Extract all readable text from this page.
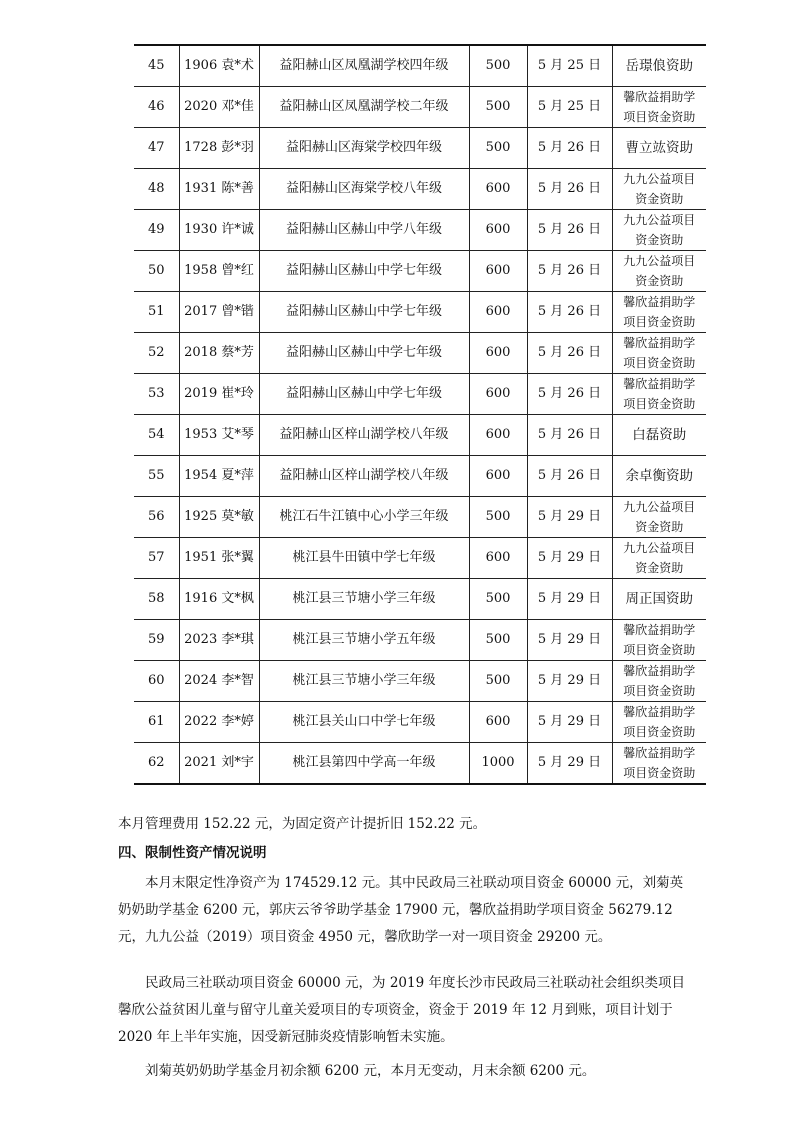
45	1906 袁*术	益阳赫山区凤凰湖学校四年级	500	5 月 25 日	岳璟俍资助

46	2020 邓*佳	益阳赫山区凤凰湖学校二年级	500	5 月 25 日	馨欣益捐助学
项目资金资助

47	1728 彭*羽	益阳赫山区海棠学校四年级	500	5 月 26 日	曹立竑资助

48	1931 陈*善	益阳赫山区海棠学校八年级	600	5 月 26 日	九九公益项目
资金资助

49	1930 许*诚	益阳赫山区赫山中学八年级	600	5 月 26 日	九九公益项目
资金资助

50	1958 曾*红	益阳赫山区赫山中学七年级	600	5 月 26 日	九九公益项目
资金资助

51	2017 曾*锴	益阳赫山区赫山中学七年级	600	5 月 26 日	馨欣益捐助学
项目资金资助

52	2018 蔡*芳	益阳赫山区赫山中学七年级	600	5 月 26 日	馨欣益捐助学
项目资金资助

53	2019 崔*玲	益阳赫山区赫山中学七年级	600	5 月 26 日	馨欣益捐助学
项目资金资助

54	1953 艾*琴	益阳赫山区梓山湖学校八年级	600	5 月 26 日	白磊资助

55	1954 夏*萍	益阳赫山区梓山湖学校八年级	600	5 月 26 日	余卓衡资助

56	1925 莫*敏	桃江石牛江镇中心小学三年级	500	5 月 29 日	九九公益项目
资金资助

57	1951 张*翼	桃江县牛田镇中学七年级	600	5 月 29 日	九九公益项目
资金资助

58	1916 文*枫	桃江县三节塘小学三年级	500	5 月 29 日	周正国资助

59	2023 李*琪	桃江县三节塘小学五年级	500	5 月 29 日	馨欣益捐助学
项目资金资助

60	2024 李*智	桃江县三节塘小学三年级	500	5 月 29 日	馨欣益捐助学
项目资金资助

61	2022 李*婷	桃江县关山口中学七年级	600	5 月 29 日	馨欣益捐助学
项目资金资助

62	2021 刘*宇	桃江县第四中学高一年级	1000	5 月 29 日	馨欣益捐助学
项目资金资助

本月管理费用 152.22 元，为固定资产计提折旧 152.22 元。

四、限制性资产情况说明

本月末限定性净资产为 174529.12 元。其中民政局三社联动项目资金 60000 元，刘菊英奶奶助学基金 6200 元，郭庆云爷爷助学基金 17900 元，馨欣益捐助学项目资金 56279.12 元，九九公益（2019）项目资金 4950 元，馨欣助学一对一项目资金 29200 元。

民政局三社联动项目资金 60000 元，为 2019 年度长沙市民政局三社联动社会组织类项目馨欣公益贫困儿童与留守儿童关爱项目的专项资金，资金于 2019 年 12 月到账，项目计划于 2020 年上半年实施，因受新冠肺炎疫情影响暂未实施。

刘菊英奶奶助学基金月初余额 6200 元，本月无变动，月末余额 6200 元。
